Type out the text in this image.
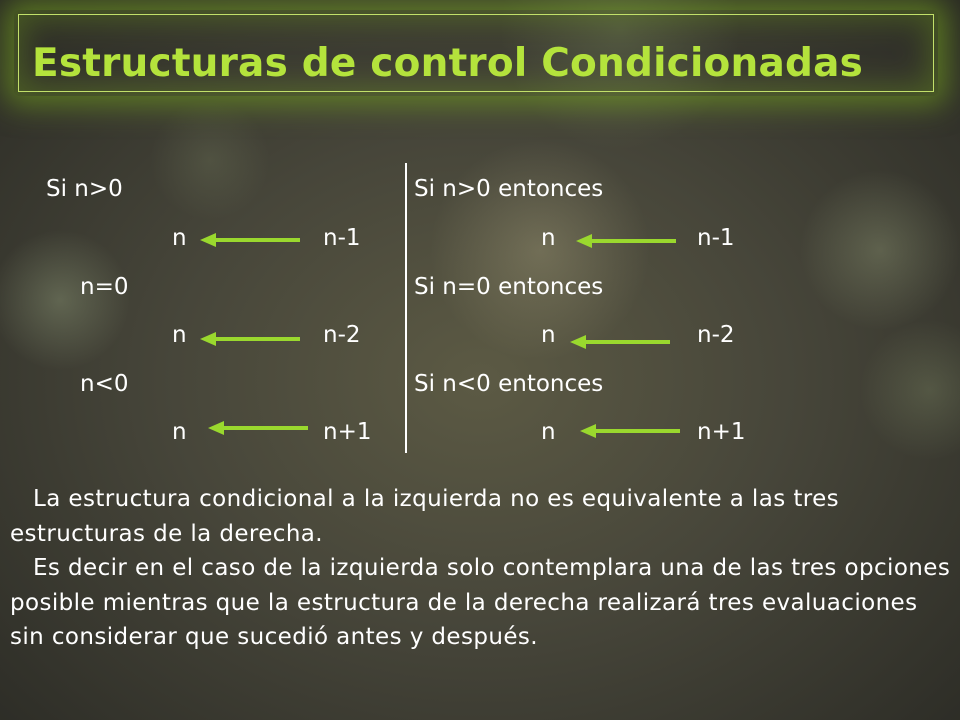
Estructuras de control Condicionadas
Si n>0
n	n-1
n=0
n	n-2
n<0
n	n+1
Si n>0 entonces
n	n-1
Si n=0 entonces
n	n-2
Si n<0 entonces
n	n+1

La estructura condicional a la izquierda no es equivalente a las tres estructuras de la derecha.

Es decir en el caso de la izquierda solo contemplara una de las tres opciones posible mientras que la estructura de la derecha realizará tres evaluaciones sin considerar que sucedió antes y después.
